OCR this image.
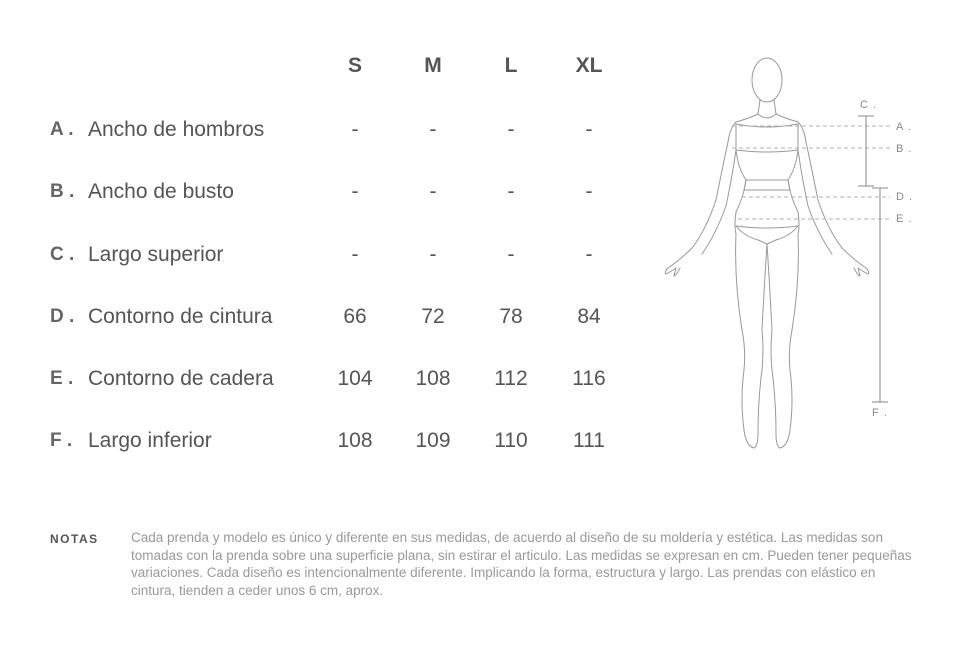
S	M	L	XL
A . Ancho de hombros	-	-	-	-
B . Ancho de busto	-	-	-	-
C . Largo superior	-	-	-	-
D . Contorno de cintura	66	72	78	84
E . Contorno de cadera	104	108	112	116
F . Largo inferior	108	109	110	111
C .
A .
B .
D .
E .
F .
NOTAS Cada prenda y modelo es único y diferente en sus medidas, de acuerdo al diseño de su moldería y estética. Las medidas son tomadas con la prenda sobre una superficie plana, sin estirar el articulo. Las medidas se expresan en cm. Pueden tener pequeñas variaciones. Cada diseño es intencionalmente diferente. Implicando la forma, estructura y largo. Las prendas con elástico en cintura, tienden a ceder unos 6 cm, aprox.
